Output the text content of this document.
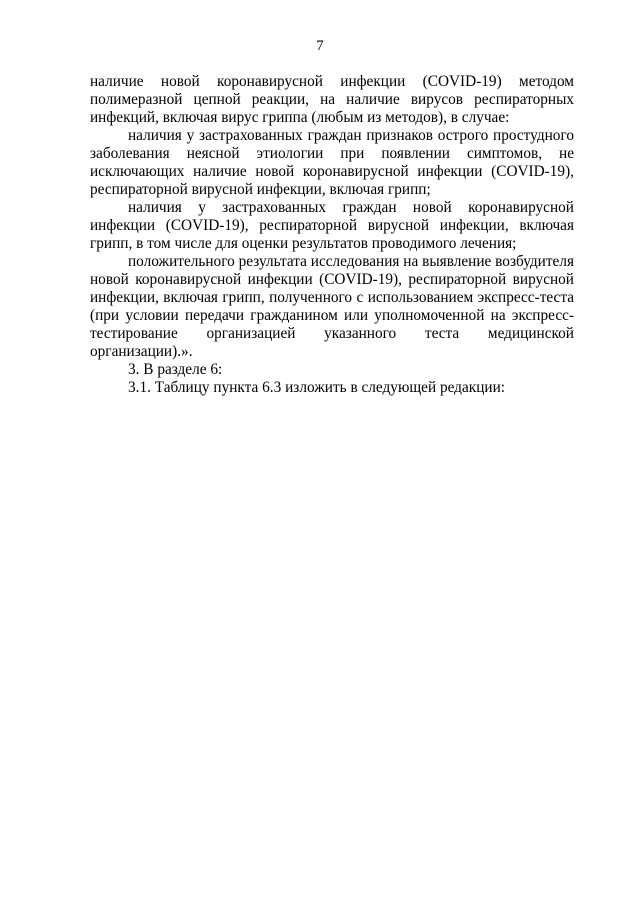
7

наличие новой коронавирусной инфекции (COVID-19) методом полимеразной цепной реакции, на наличие вирусов респираторных инфекций, включая вирус гриппа (любым из методов), в случае:

наличия у застрахованных граждан признаков острого простудного заболевания неясной этиологии при появлении симптомов, не исключающих наличие новой коронавирусной инфекции (COVID-19), респираторной вирусной инфекции, включая грипп;

наличия у застрахованных граждан новой коронавирусной инфекции (COVID-19), респираторной вирусной инфекции, включая грипп, в том числе для оценки результатов проводимого лечения;

положительного результата исследования на выявление возбудителя новой коронавирусной инфекции (COVID-19), респираторной вирусной инфекции, включая грипп, полученного с использованием экспресс-теста (при условии передачи гражданином или уполномоченной на экспресс-тестирование организацией указанного теста медицинской организации).».

3. В разделе 6:

3.1. Таблицу пункта 6.3 изложить в следующей редакции:
